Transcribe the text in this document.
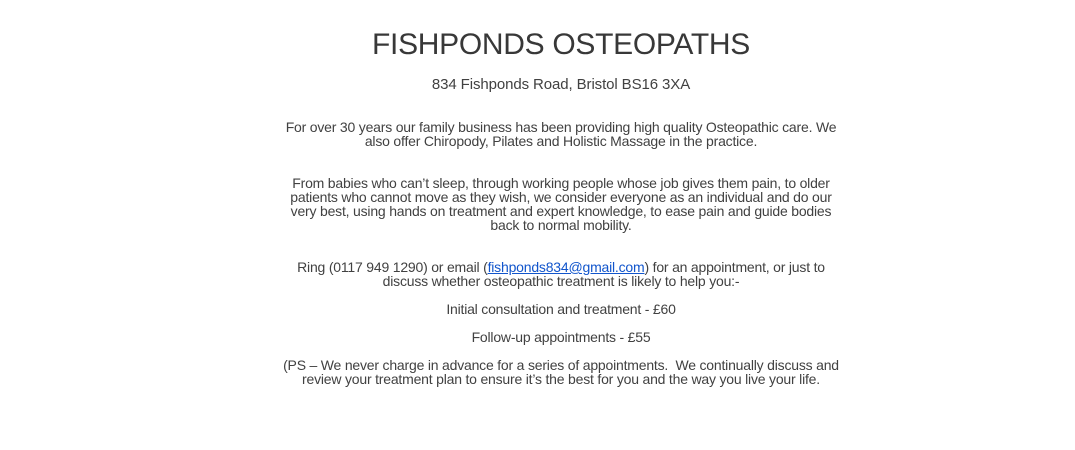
FISHPONDS OSTEOPATHS

834 Fishponds Road, Bristol BS16 3XA

For over 30 years our family business has been providing high quality Osteopathic care. We also offer Chiropody, Pilates and Holistic Massage in the practice.

From babies who can’t sleep, through working people whose job gives them pain, to older patients who cannot move as they wish, we consider everyone as an individual and do our very best, using hands on treatment and expert knowledge, to ease pain and guide bodies back to normal mobility.

Ring (0117 949 1290) or email (fishponds834@gmail.com) for an appointment, or just to discuss whether osteopathic treatment is likely to help you:-

Initial consultation and treatment - £60

Follow-up appointments - £55

(PS – We never charge in advance for a series of appointments.  We continually discuss and review your treatment plan to ensure it’s the best for you and the way you live your life.
